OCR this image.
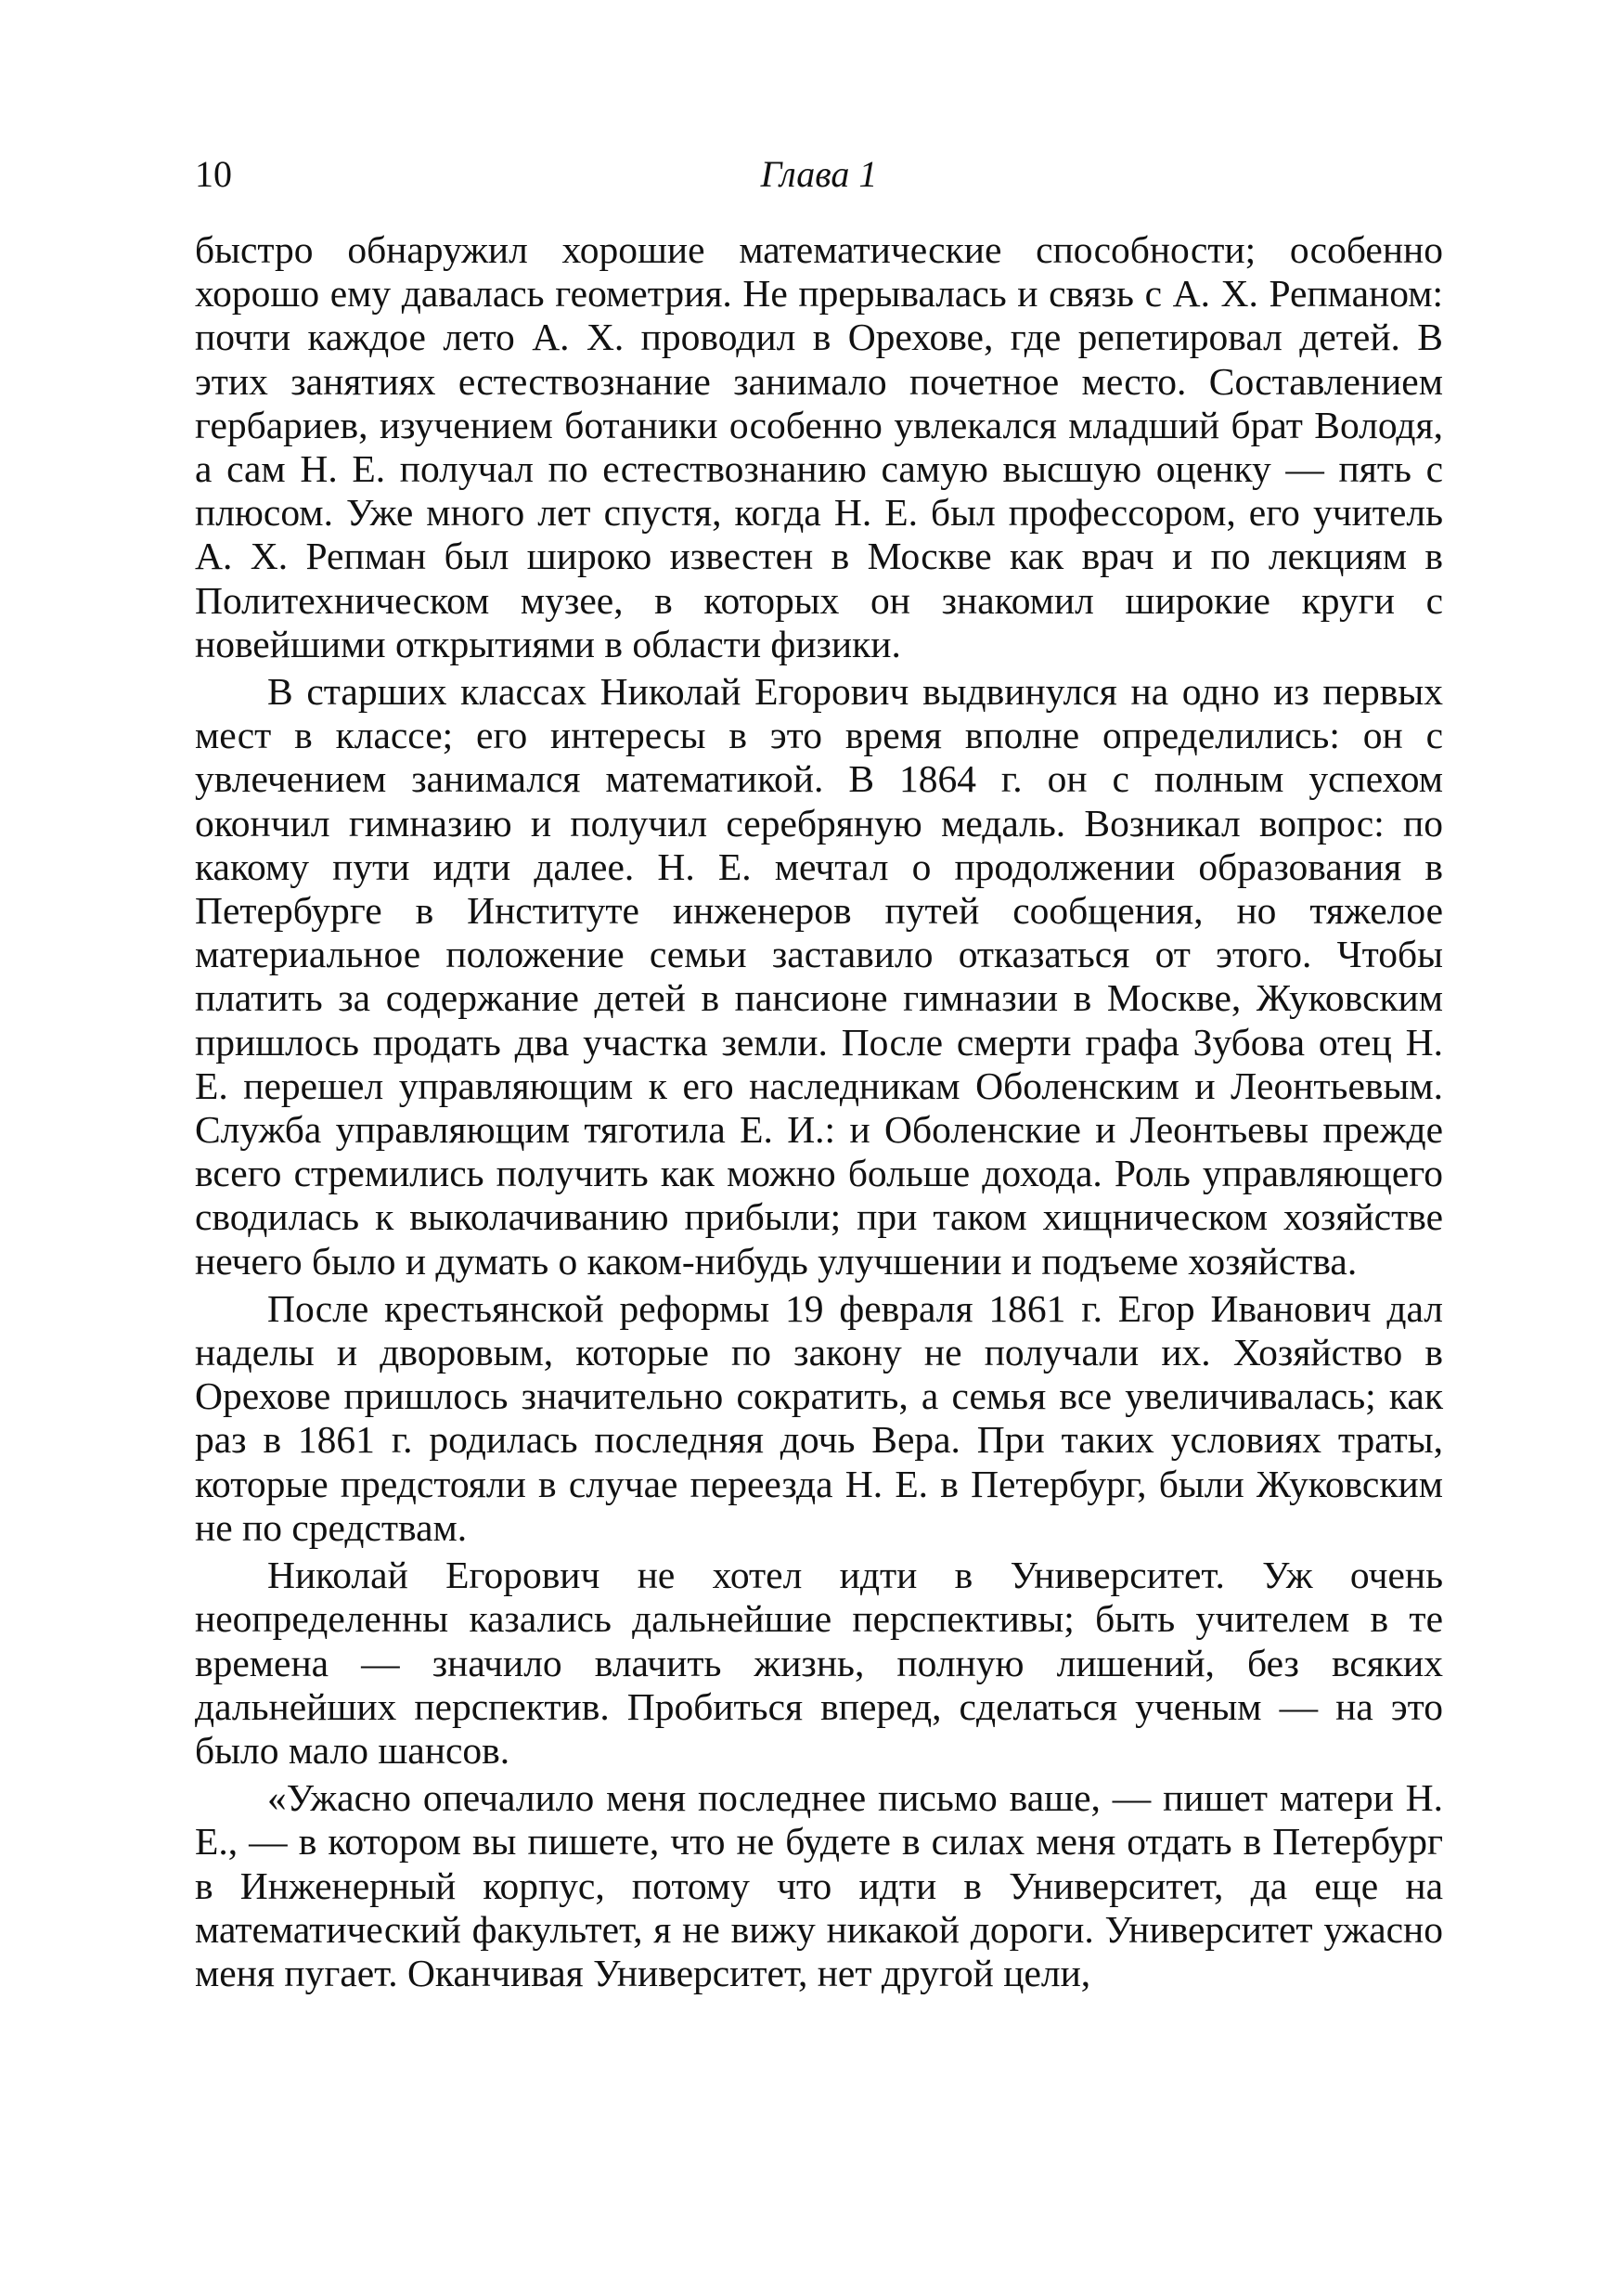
10	Глава 1

быстро обнаружил хорошие математические способности; особенно хорошо ему давалась геометрия. Не прерывалась и связь с А. Х. Репманом: почти каждое лето А. Х. проводил в Орехове, где репетировал детей. В этих занятиях естествознание занимало почетное место. Составлением гербариев, изучением ботаники особенно увлекался младший брат Володя, а сам Н. Е. получал по естествознанию самую высшую оценку — пять с плюсом. Уже много лет спустя, когда Н. Е. был профессором, его учитель А. Х. Репман был широко известен в Москве как врач и по лекциям в Политехническом музее, в которых он знакомил широкие круги с новейшими открытиями в области физики.

В старших классах Николай Егорович выдвинулся на одно из первых мест в классе; его интересы в это время вполне определились: он с увлечением занимался математикой. В 1864 г. он с полным успехом окончил гимназию и получил серебряную медаль. Возникал вопрос: по какому пути идти далее. Н. Е. мечтал о продолжении образования в Петербурге в Институте инженеров путей сообщения, но тяжелое материальное положение семьи заставило отказаться от этого. Чтобы платить за содержание детей в пансионе гимназии в Москве, Жуковским пришлось продать два участка земли. После смерти графа Зубова отец Н. Е. перешел управляющим к его наследникам Оболенским и Леонтьевым. Служба управляющим тяготила Е. И.: и Оболенские и Леонтьевы прежде всего стремились получить как можно больше дохода. Роль управляющего сводилась к выколачиванию прибыли; при таком хищническом хозяйстве нечего было и думать о каком-нибудь улучшении и подъеме хозяйства.

После крестьянской реформы 19 февраля 1861 г. Егор Иванович дал наделы и дворовым, которые по закону не получали их. Хозяйство в Орехове пришлось значительно сократить, а семья все увеличивалась; как раз в 1861 г. родилась последняя дочь Вера. При таких условиях траты, которые предстояли в случае переезда Н. Е. в Петербург, были Жуковским не по средствам.

Николай Егорович не хотел идти в Университет. Уж очень неопределенны казались дальнейшие перспективы; быть учителем в те времена — значило влачить жизнь, полную лишений, без всяких дальнейших перспектив. Пробиться вперед, сделаться ученым — на это было мало шансов.

«Ужасно опечалило меня последнее письмо ваше, — пишет матери Н. Е., — в котором вы пишете, что не будете в силах меня отдать в Петербург в Инженерный корпус, потому что идти в Университет, да еще на математический факультет, я не вижу никакой дороги. Университет ужасно меня пугает. Оканчивая Университет, нет другой цели,
